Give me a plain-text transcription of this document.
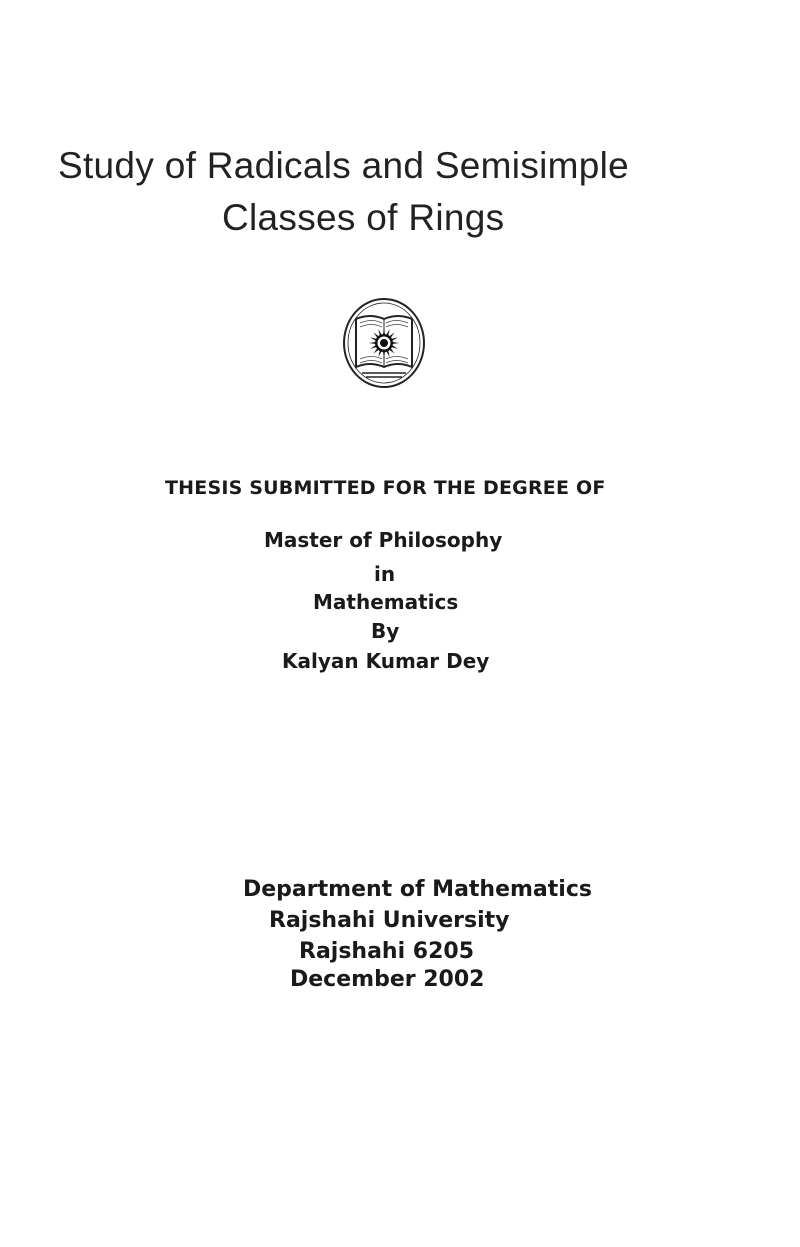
Study of Radicals and Semisimple
Classes of Rings
THESIS SUBMITTED FOR THE DEGREE OF
Master of Philosophy
in
Mathematics
By
Kalyan Kumar Dey
Department of Mathematics
Rajshahi University
Rajshahi 6205
December 2002
